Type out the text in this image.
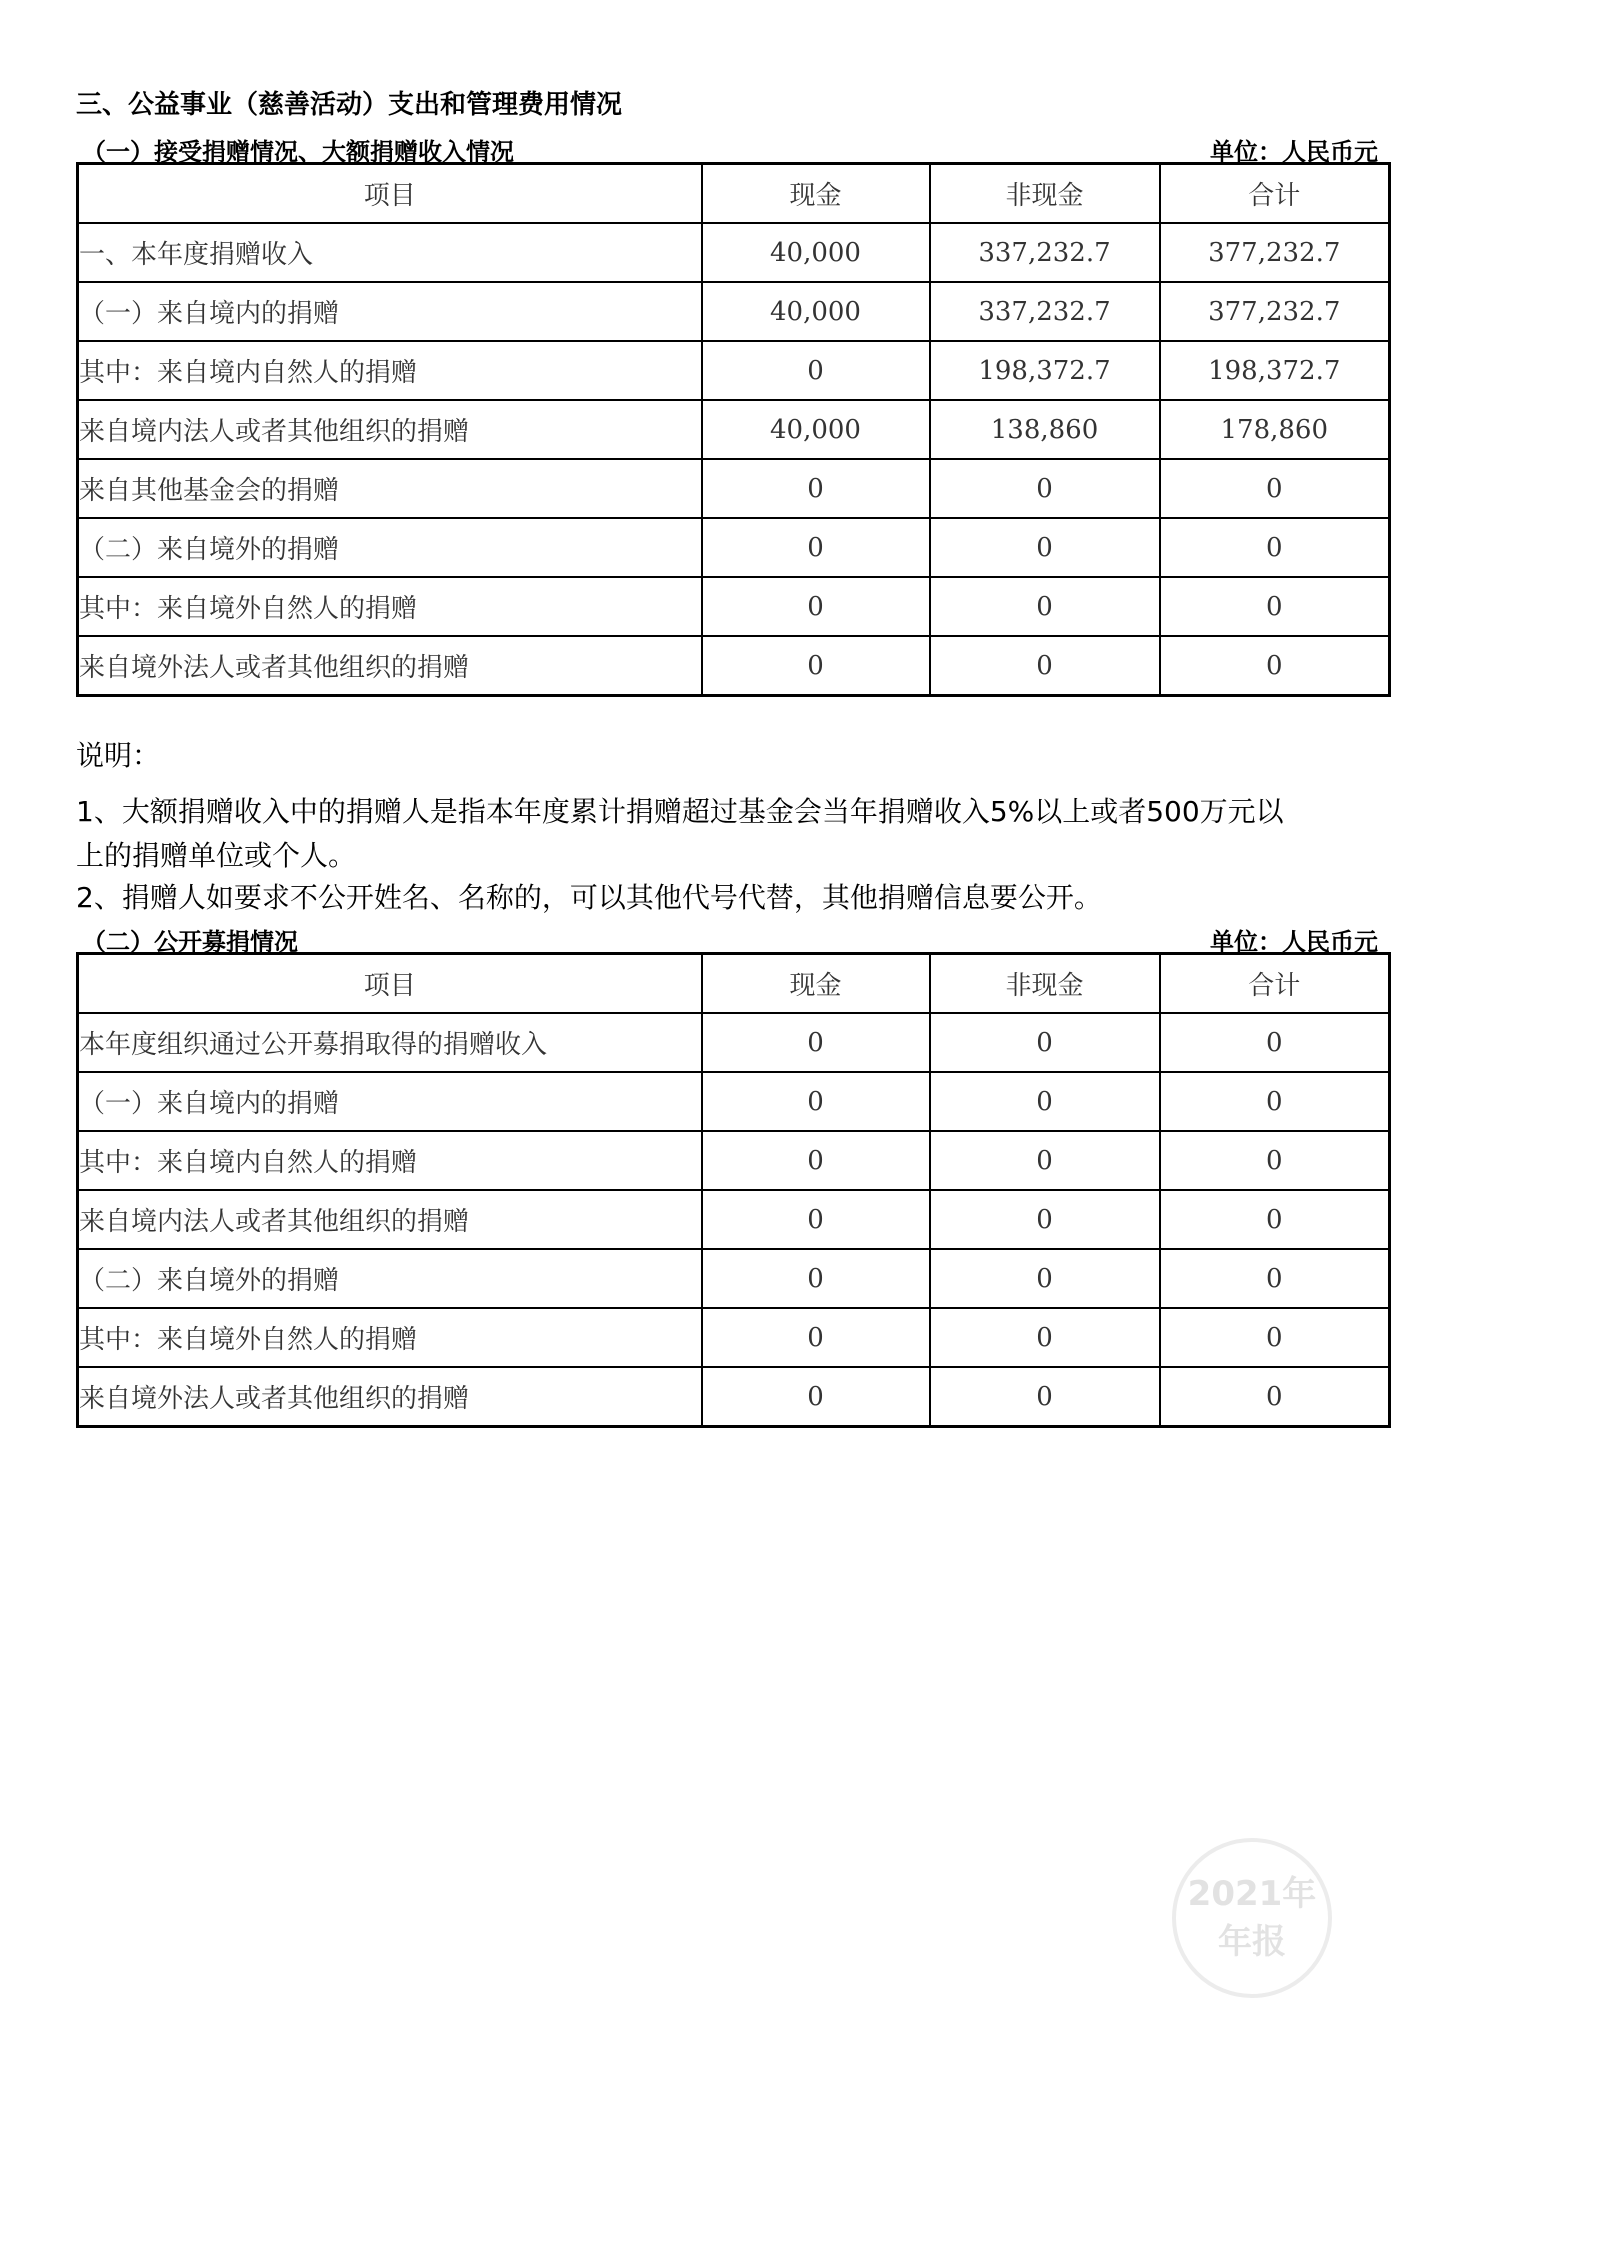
三、公益事业（慈善活动）支出和管理费用情况
（一）接受捐赠情况、大额捐赠收入情况	单位：人民币元
项目	现金	非现金	合计
一、本年度捐赠收入	40,000	337,232.7	377,232.7
（一）来自境内的捐赠	40,000	337,232.7	377,232.7
其中：来自境内自然人的捐赠	0	198,372.7	198,372.7
来自境内法人或者其他组织的捐赠	40,000	138,860	178,860
来自其他基金会的捐赠	0	0	0
（二）来自境外的捐赠	0	0	0
其中：来自境外自然人的捐赠	0	0	0
来自境外法人或者其他组织的捐赠	0	0	0
说明：
1、大额捐赠收入中的捐赠人是指本年度累计捐赠超过基金会当年捐赠收入5%以上或者500万元以
上的捐赠单位或个人。
2、捐赠人如要求不公开姓名、名称的，可以其他代号代替，其他捐赠信息要公开。
（二）公开募捐情况	单位：人民币元
项目	现金	非现金	合计
本年度组织通过公开募捐取得的捐赠收入	0	0	0
（一）来自境内的捐赠	0	0	0
其中：来自境内自然人的捐赠	0	0	0
来自境内法人或者其他组织的捐赠	0	0	0
（二）来自境外的捐赠	0	0	0
其中：来自境外自然人的捐赠	0	0	0
来自境外法人或者其他组织的捐赠	0	0	0
2021年
年报
